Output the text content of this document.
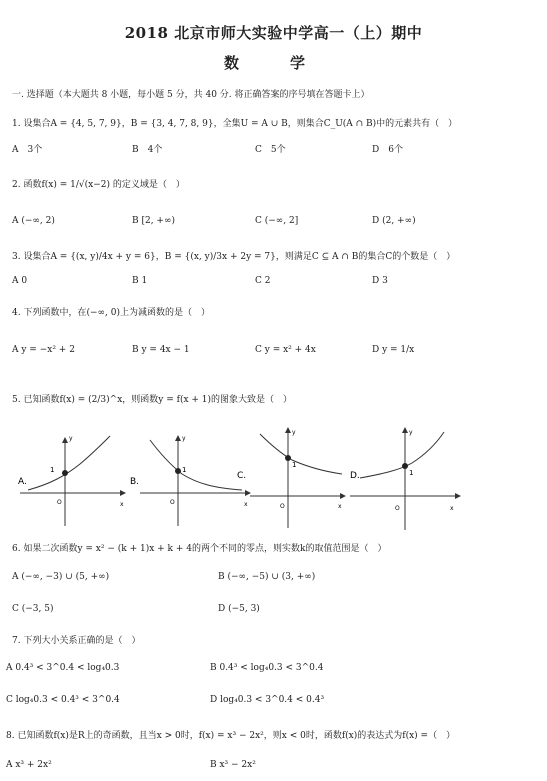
2018 北京市师大实验中学高一（上）期中
数　学
一. 选择题（本大题共 8 小题，每小题 5 分，共 40 分. 将正确答案的序号填在答题卡上）
1. 设集合A = {4, 5, 7, 9}，B = {3, 4, 7, 8, 9}，全集U = A ∪ B，则集合C_U(A ∩ B)中的元素共有（　）
A　3个	B　4个	C　5个	D　6个
2. 函数f(x) = 1/√(x−2) 的定义域是（　）
A (−∞, 2)	B [2, +∞)	C (−∞, 2]	D (2, +∞)
3. 设集合A = {(x, y)/4x + y = 6}，B = {(x, y)/3x + 2y = 7}，则满足C ⊆ A ∩ B的集合C的个数是（　）
A 0	B 1	C 2	D 3
4. 下列函数中，在(−∞, 0)上为减函数的是（　）
A y = −x² + 2	B y = 4x − 1	C y = x² + 4x	D y = 1/x
5. 已知函数f(x) = (2/3)^x，则函数y = f(x + 1)的图象大致是（　）
A.
1
y
x
O
B.
1
y
x
O
C.
1
y
x
O
D.	1
y
x
O
6. 如果二次函数y = x² − (k + 1)x + k + 4的两个不同的零点，则实数k的取值范围是（　）
A (−∞, −3) ∪ (5, +∞)	B (−∞, −5) ∪ (3, +∞)
C (−3, 5)	D (−5, 3)
7. 下列大小关系正确的是（　）
A 0.4³ < 3^0.4 < log₄0.3	B 0.4³ < log₄0.3 < 3^0.4
C log₄0.3 < 0.4³ < 3^0.4	D log₄0.3 < 3^0.4 < 0.4³
8. 已知函数f(x)是R上的奇函数，且当x > 0时，f(x) = x³ − 2x²，则x < 0时，函数f(x)的表达式为f(x) =（　）
A x³ + 2x²	B x³ − 2x²
